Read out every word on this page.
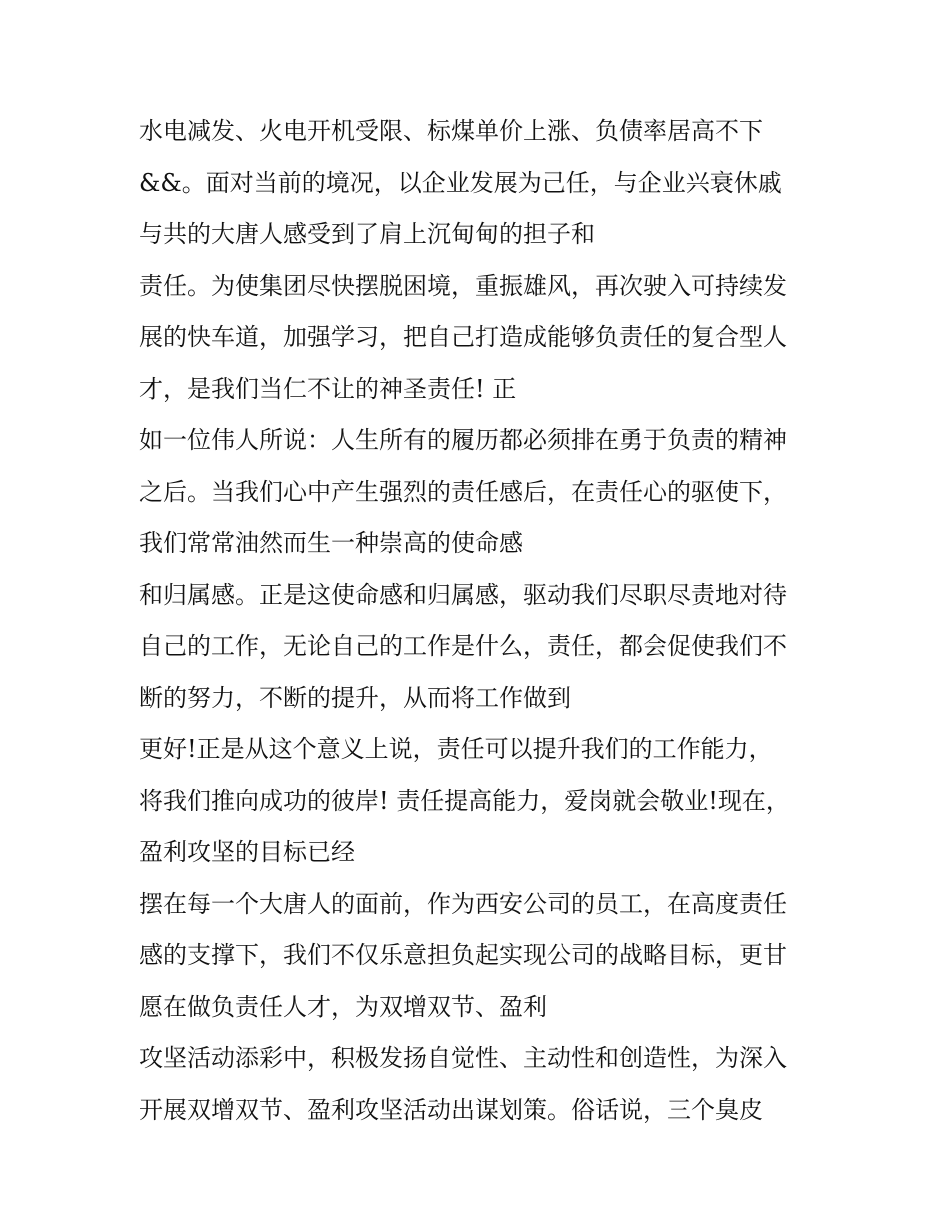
水电减发、火电开机受限、标煤单价上涨、负债率居高不下
&&。面对当前的境况，以企业发展为己任，与企业兴衰休戚
与共的大唐人感受到了肩上沉甸甸的担子和
责任。为使集团尽快摆脱困境，重振雄风，再次驶入可持续发
展的快车道，加强学习，把自己打造成能够负责任的复合型人
才，是我们当仁不让的神圣责任! 正
如一位伟人所说：人生所有的履历都必须排在勇于负责的精神
之后。当我们心中产生强烈的责任感后，在责任心的驱使下，
我们常常油然而生一种崇高的使命感
和归属感。正是这使命感和归属感，驱动我们尽职尽责地对待
自己的工作，无论自己的工作是什么，责任，都会促使我们不
断的努力，不断的提升，从而将工作做到
更好!正是从这个意义上说，责任可以提升我们的工作能力，
将我们推向成功的彼岸! 责任提高能力，爱岗就会敬业!现在，
盈利攻坚的目标已经
摆在每一个大唐人的面前，作为西安公司的员工，在高度责任
感的支撑下，我们不仅乐意担负起实现公司的战略目标，更甘
愿在做负责任人才，为双增双节、盈利
攻坚活动添彩中，积极发扬自觉性、主动性和创造性，为深入
开展双增双节、盈利攻坚活动出谋划策。俗话说，三个臭皮
